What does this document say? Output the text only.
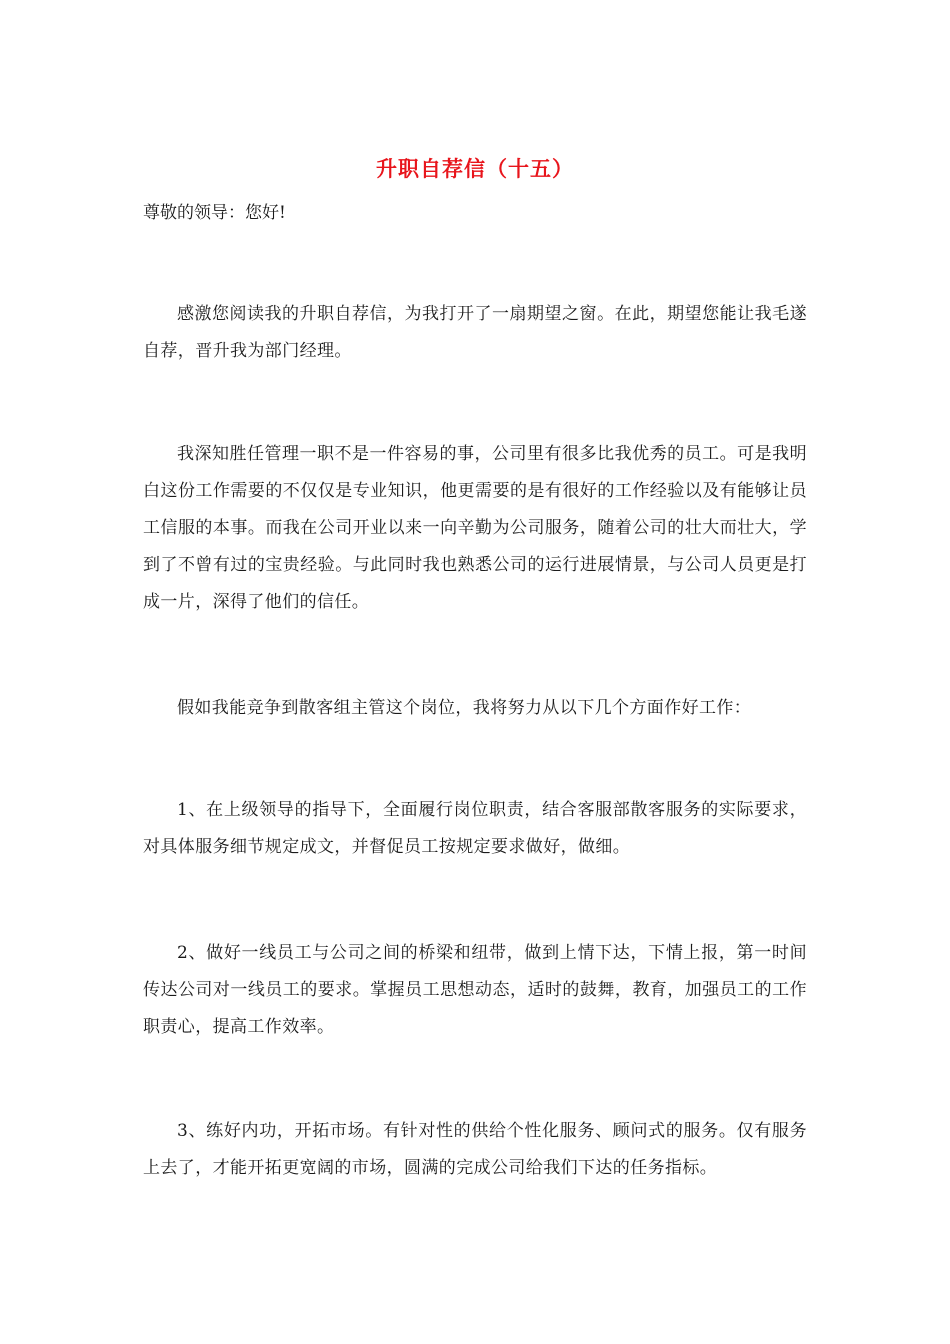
升职自荐信（十五）
尊敬的领导：您好!
感激您阅读我的升职自荐信，为我打开了一扇期望之窗。在此，期望您能让我毛遂自荐，晋升我为部门经理。
我深知胜任管理一职不是一件容易的事，公司里有很多比我优秀的员工。可是我明白这份工作需要的不仅仅是专业知识，他更需要的是有很好的工作经验以及有能够让员工信服的本事。而我在公司开业以来一向辛勤为公司服务，随着公司的壮大而壮大，学到了不曾有过的宝贵经验。与此同时我也熟悉公司的运行进展情景，与公司人员更是打成一片，深得了他们的信任。
假如我能竞争到散客组主管这个岗位，我将努力从以下几个方面作好工作：
1、在上级领导的指导下，全面履行岗位职责，结合客服部散客服务的实际要求，对具体服务细节规定成文，并督促员工按规定要求做好，做细。
2、做好一线员工与公司之间的桥梁和纽带，做到上情下达，下情上报，第一时间传达公司对一线员工的要求。掌握员工思想动态，适时的鼓舞，教育，加强员工的工作职责心，提高工作效率。
3、练好内功，开拓市场。有针对性的供给个性化服务、顾问式的服务。仅有服务上去了，才能开拓更宽阔的市场，圆满的完成公司给我们下达的任务指标。
